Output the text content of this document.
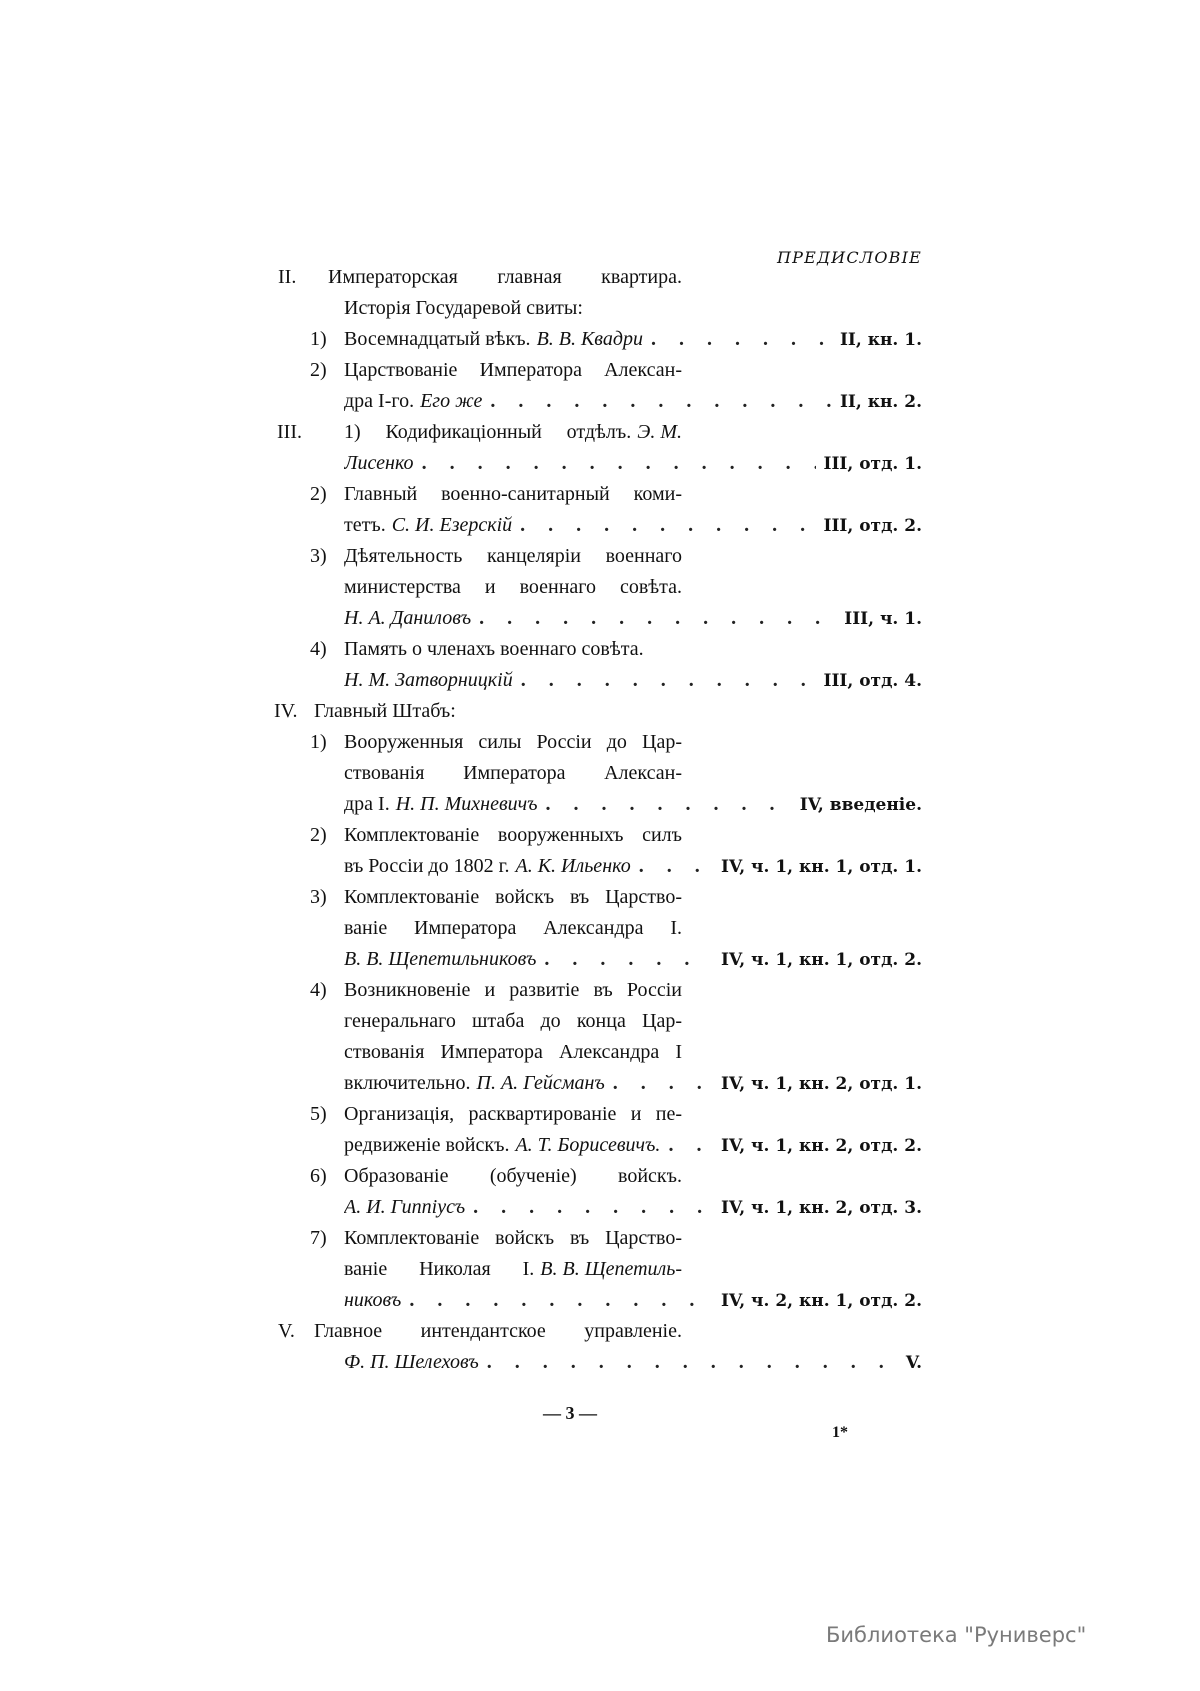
ПРЕДИСЛОВІЕ
II.	Императорская главная квартира.
Исторія Государевой свиты:
1) Восемнадцатый вѣкъ. В. В. Квадри . . .	II, кн. 1.
2) Царствованіе Императора Алексан-
дра I-го. Его же . . .	II, кн. 2.
III.	1) Кодификаціонный отдѣлъ. Э. М.
Лисенко . . .	III, отд. 1.
2) Главный военно-санитарный коми-
тетъ. С. И. Езерскій . . .	III, отд. 2.
3) Дѣятельность канцеляріи военнаго
министерства и военнаго совѣта.
Н. А. Даниловъ . . .	III, ч. 1.
4) Память о членахъ военнаго совѣта.
Н. М. Затворницкій . . .	III, отд. 4.
IV. Главный Штабъ:
1) Вооруженныя силы Россіи до Цар-
ствованія Императора Алексан-
дра I. Н. П. Михневичъ . . .	IV, введеніе.
2) Комплектованіе вооруженныхъ силъ
въ Россіи до 1802 г. А. К. Ильенко . . .	IV, ч. 1, кн. 1, отд. 1.
3) Комплектованіе войскъ въ Царство-
ваніе Императора Александра I.
В. В. Щепетильниковъ . . .	IV, ч. 1, кн. 1, отд. 2.
4) Возникновеніе и развитіе въ Россіи
генеральнаго штаба до конца Цар-
ствованія Императора Александра I
включительно. П. А. Гейсманъ . . .	IV, ч. 1, кн. 2, отд. 1.
5) Организація, расквартированіе и пе-
редвиженіе войскъ. А. Т. Борисевичъ. . . .	IV, ч. 1, кн. 2, отд. 2.
6) Образованіе (обученіе) войскъ.
А. И. Гиппіусъ . . .	IV, ч. 1, кн. 2, отд. 3.
7) Комплектованіе войскъ въ Царство-
ваніе Николая I. В. В. Щепетиль-
никовъ . . .	IV, ч. 2, кн. 1, отд. 2.
V. Главное интендантское управленіе.
Ф. П. Шелеховъ . . .	V.
— 3 —
1*
Библиотека "Руниверс"
